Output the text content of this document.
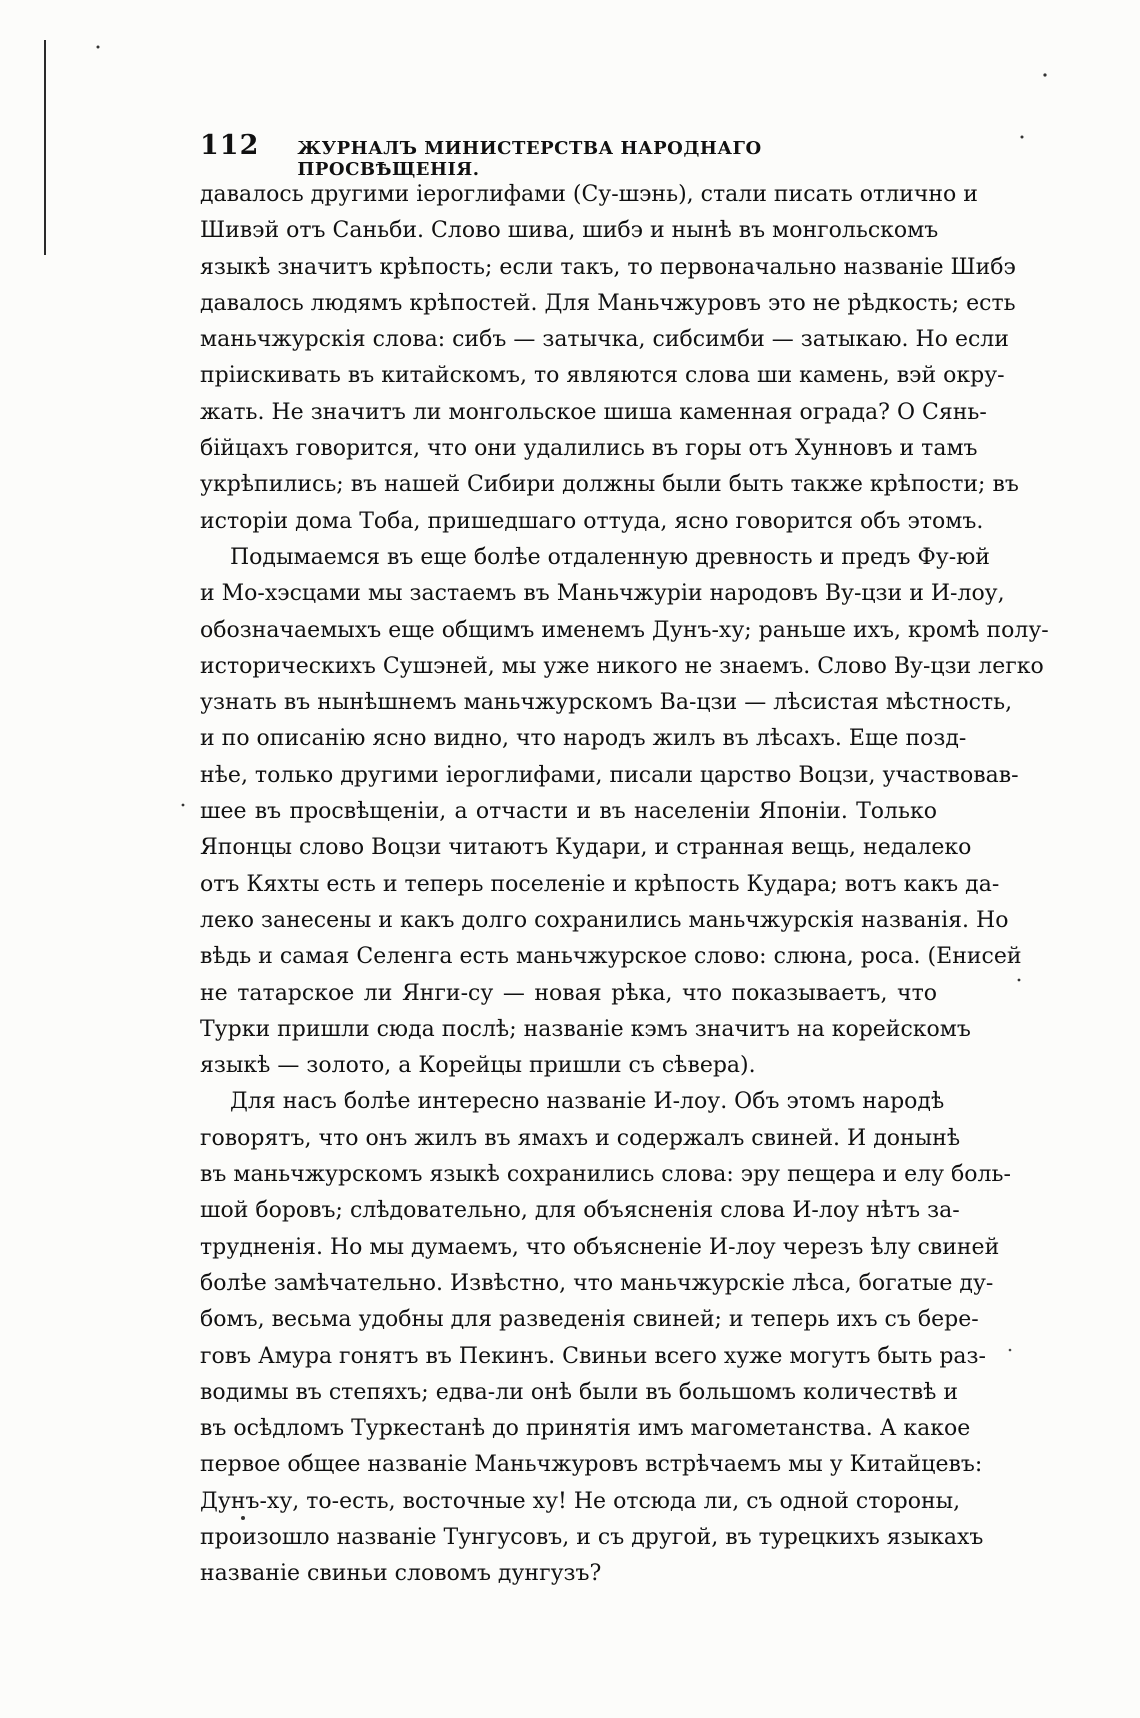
112 ЖУРНАЛЪ МИНИСТЕРСТВА НАРОДНАГО ПРОСВѢЩЕНІЯ.

давалось другими іероглифами (Су-шэнь), стали писать отлично и
Шивэй отъ Саньби. Слово шива, шибэ и нынѣ въ монгольскомъ
языкѣ значитъ крѣпость; если такъ, то первоначально названіе Шибэ
давалось людямъ крѣпостей. Для Маньчжуровъ это не рѣдкость; есть
маньчжурскія слова: сибъ — затычка, сибсимби — затыкаю. Но если
пріискивать въ китайскомъ, то являются слова ши камень, вэй окру-
жать. Не значитъ ли монгольское шиша каменная ограда? О Сянь-
бійцахъ говорится, что они удалились въ горы отъ Хунновъ и тамъ
укрѣпились; въ нашей Сибири должны были быть также крѣпости; въ
исторіи дома Тоба, пришедшаго оттуда, ясно говорится объ этомъ.

Подымаемся въ еще болѣе отдаленную древность и предъ Фу-юй
и Мо-хэсцами мы застаемъ въ Маньчжуріи народовъ Ву-цзи и И-лоу,
обозначаемыхъ еще общимъ именемъ Дунъ-ху; раньше ихъ, кромѣ полу-
историческихъ Сушэней, мы уже никого не знаемъ. Слово Ву-цзи легко
узнать въ нынѣшнемъ маньчжурскомъ Ва-цзи — лѣсистая мѣстность,
и по описанію ясно видно, что народъ жилъ въ лѣсахъ. Еще позд-
нѣе, только другими іероглифами, писали царство Воцзи, участвовав-
шее въ просвѣщеніи, а отчасти и въ населеніи Японіи. Только
Японцы слово Воцзи читаютъ Кудари, и странная вещь, недалеко
отъ Кяхты есть и теперь поселеніе и крѣпость Кудара; вотъ какъ да-
леко занесены и какъ долго сохранились маньчжурскія названія. Но
вѣдь и самая Селенга есть маньчжурское слово: слюна, роса. (Енисей
не татарское ли Янги-су — новая рѣка, что показываетъ, что
Турки пришли сюда послѣ; названіе кэмъ значитъ на корейскомъ
языкѣ — золото, а Корейцы пришли съ сѣвера).

Для насъ болѣе интересно названіе И-лоу. Объ этомъ народѣ
говорятъ, что онъ жилъ въ ямахъ и содержалъ свиней. И донынѣ
въ маньчжурскомъ языкѣ сохранились слова: эру пещера и елу боль-
шой боровъ; слѣдовательно, для объясненія слова И-лоу нѣтъ за-
трудненія. Но мы думаемъ, что объясненіе И-лоу черезъ ѣлу свиней
болѣе замѣчательно. Извѣстно, что маньчжурскіе лѣса, богатые ду-
бомъ, весьма удобны для разведенія свиней; и теперь ихъ съ бере-
говъ Амура гонятъ въ Пекинъ. Свиньи всего хуже могутъ быть раз-
водимы въ степяхъ; едва-ли онѣ были въ большомъ количествѣ и
въ осѣдломъ Туркестанѣ до принятія имъ магометанства. А какое
первое общее названіе Маньчжуровъ встрѣчаемъ мы у Китайцевъ:
Дунъ-ху, то-есть, восточные ху! Не отсюда ли, съ одной стороны,
произошло названіе Тунгусовъ, и съ другой, въ турецкихъ языкахъ
названіе свиньи словомъ дунгузъ?
